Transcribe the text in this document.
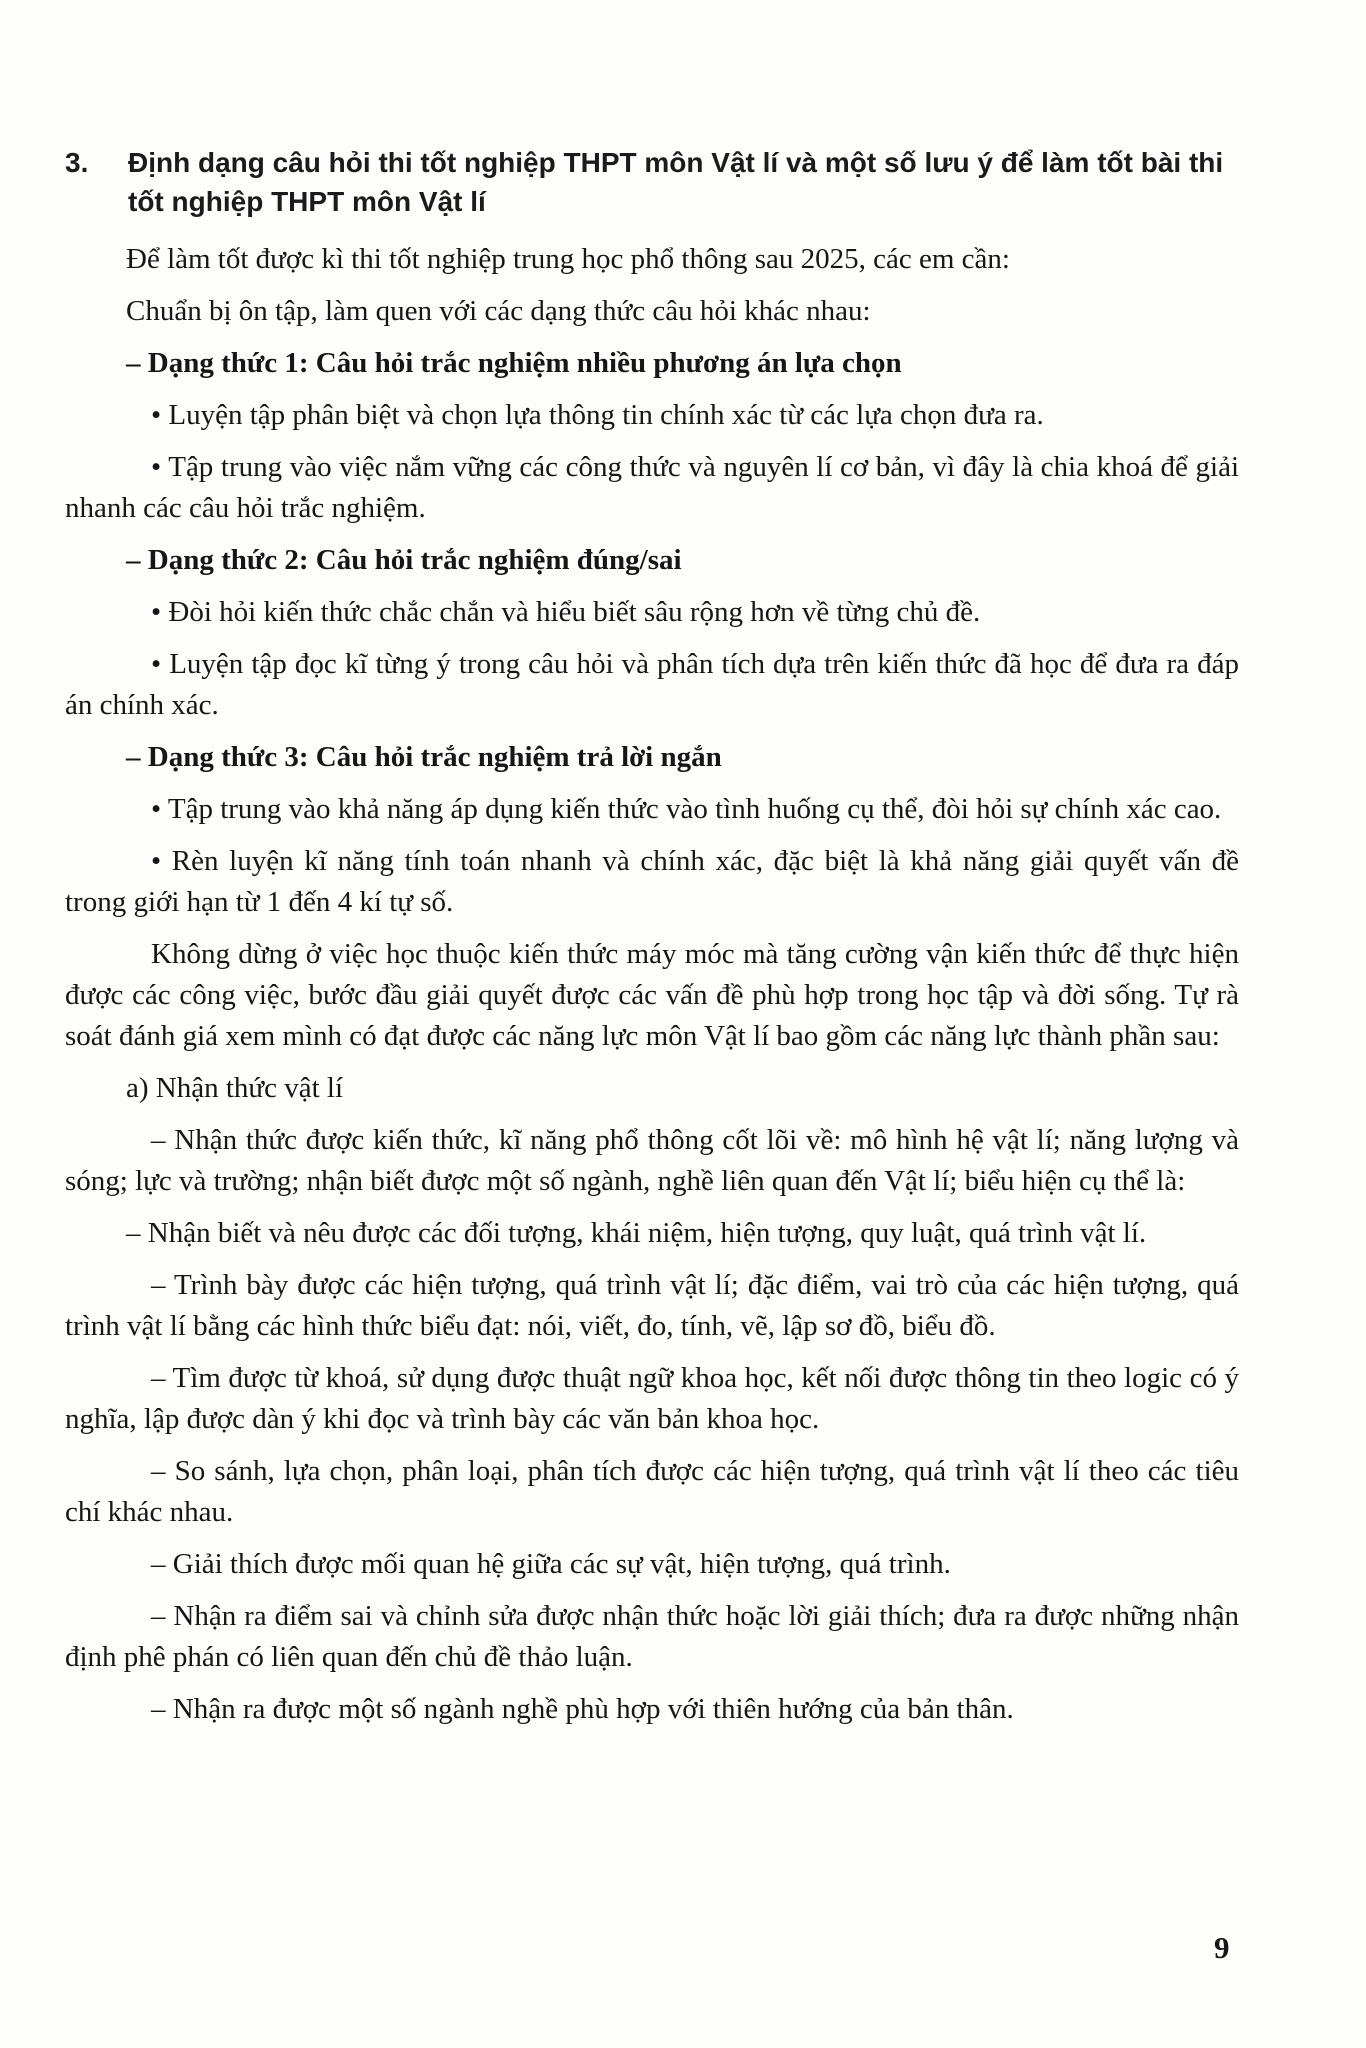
3.	Định dạng câu hỏi thi tốt nghiệp THPT môn Vật lí và một số lưu ý để làm tốt bài thi tốt nghiệp THPT môn Vật lí

Để làm tốt được kì thi tốt nghiệp trung học phổ thông sau 2025, các em cần:

Chuẩn bị ôn tập, làm quen với các dạng thức câu hỏi khác nhau:

– Dạng thức 1: Câu hỏi trắc nghiệm nhiều phương án lựa chọn

• Luyện tập phân biệt và chọn lựa thông tin chính xác từ các lựa chọn đưa ra.

• Tập trung vào việc nắm vững các công thức và nguyên lí cơ bản, vì đây là chia khoá để giải nhanh các câu hỏi trắc nghiệm.

– Dạng thức 2: Câu hỏi trắc nghiệm đúng/sai

• Đòi hỏi kiến thức chắc chắn và hiểu biết sâu rộng hơn về từng chủ đề.

• Luyện tập đọc kĩ từng ý trong câu hỏi và phân tích dựa trên kiến thức đã học để đưa ra đáp án chính xác.

– Dạng thức 3: Câu hỏi trắc nghiệm trả lời ngắn

• Tập trung vào khả năng áp dụng kiến thức vào tình huống cụ thể, đòi hỏi sự chính xác cao.

• Rèn luyện kĩ năng tính toán nhanh và chính xác, đặc biệt là khả năng giải quyết vấn đề trong giới hạn từ 1 đến 4 kí tự số.

Không dừng ở việc học thuộc kiến thức máy móc mà tăng cường vận kiến thức để thực hiện được các công việc, bước đầu giải quyết được các vấn đề phù hợp trong học tập và đời sống. Tự rà soát đánh giá xem mình có đạt được các năng lực môn Vật lí bao gồm các năng lực thành phần sau:

a) Nhận thức vật lí

– Nhận thức được kiến thức, kĩ năng phổ thông cốt lõi về: mô hình hệ vật lí; năng lượng và sóng; lực và trường; nhận biết được một số ngành, nghề liên quan đến Vật lí; biểu hiện cụ thể là:

– Nhận biết và nêu được các đối tượng, khái niệm, hiện tượng, quy luật, quá trình vật lí.

– Trình bày được các hiện tượng, quá trình vật lí; đặc điểm, vai trò của các hiện tượng, quá trình vật lí bằng các hình thức biểu đạt: nói, viết, đo, tính, vẽ, lập sơ đồ, biểu đồ.

– Tìm được từ khoá, sử dụng được thuật ngữ khoa học, kết nối được thông tin theo logic có ý nghĩa, lập được dàn ý khi đọc và trình bày các văn bản khoa học.

– So sánh, lựa chọn, phân loại, phân tích được các hiện tượng, quá trình vật lí theo các tiêu chí khác nhau.

– Giải thích được mối quan hệ giữa các sự vật, hiện tượng, quá trình.

– Nhận ra điểm sai và chỉnh sửa được nhận thức hoặc lời giải thích; đưa ra được những nhận định phê phán có liên quan đến chủ đề thảo luận.

– Nhận ra được một số ngành nghề phù hợp với thiên hướng của bản thân.

9
